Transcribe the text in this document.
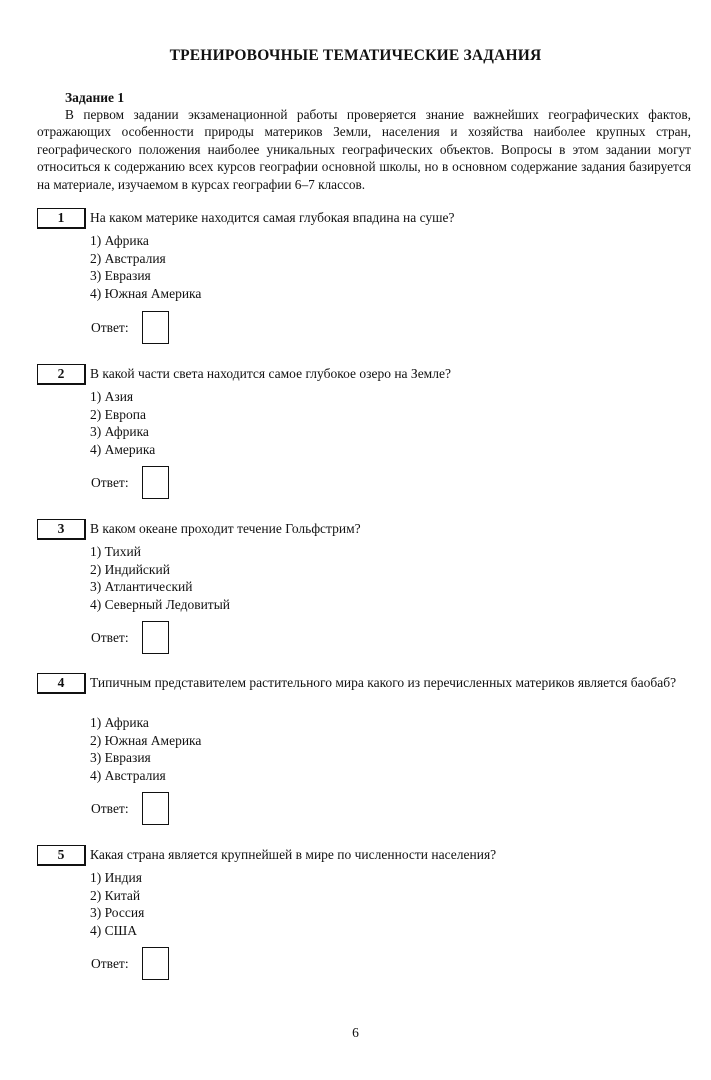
ТРЕНИРОВОЧНЫЕ ТЕМАТИЧЕСКИЕ ЗАДАНИЯ
Задание 1

В первом задании экзаменационной работы проверяется знание важнейших географических фактов, отражающих особенности природы материков Земли, населения и хозяйства наиболее крупных стран, географического положения наиболее уникальных географических объектов. Вопросы в этом задании могут относиться к содержанию всех курсов географии основной школы, но в основном содержание задания базируется на материале, изучаемом в курсах географии 6–7 классов.

1	На каком материке находится самая глубокая впадина на суше?

1) Африка
2) Австралия
3) Евразия
4) Южная Америка
Ответ:
2	В какой части света находится самое глубокое озеро на Земле?

1) Азия
2) Европа
3) Африка
4) Америка
Ответ:
3	В каком океане проходит течение Гольфстрим?

1) Тихий
2) Индийский
3) Атлантический
4) Северный Ледовитый
Ответ:
4	Типичным представителем растительного мира какого из перечисленных материков является баобаб?

1) Африка
2) Южная Америка
3) Евразия
4) Австралия
Ответ:
5	Какая страна является крупнейшей в мире по численности населения?

1) Индия
2) Китай
3) Россия
4) США
Ответ:
6
